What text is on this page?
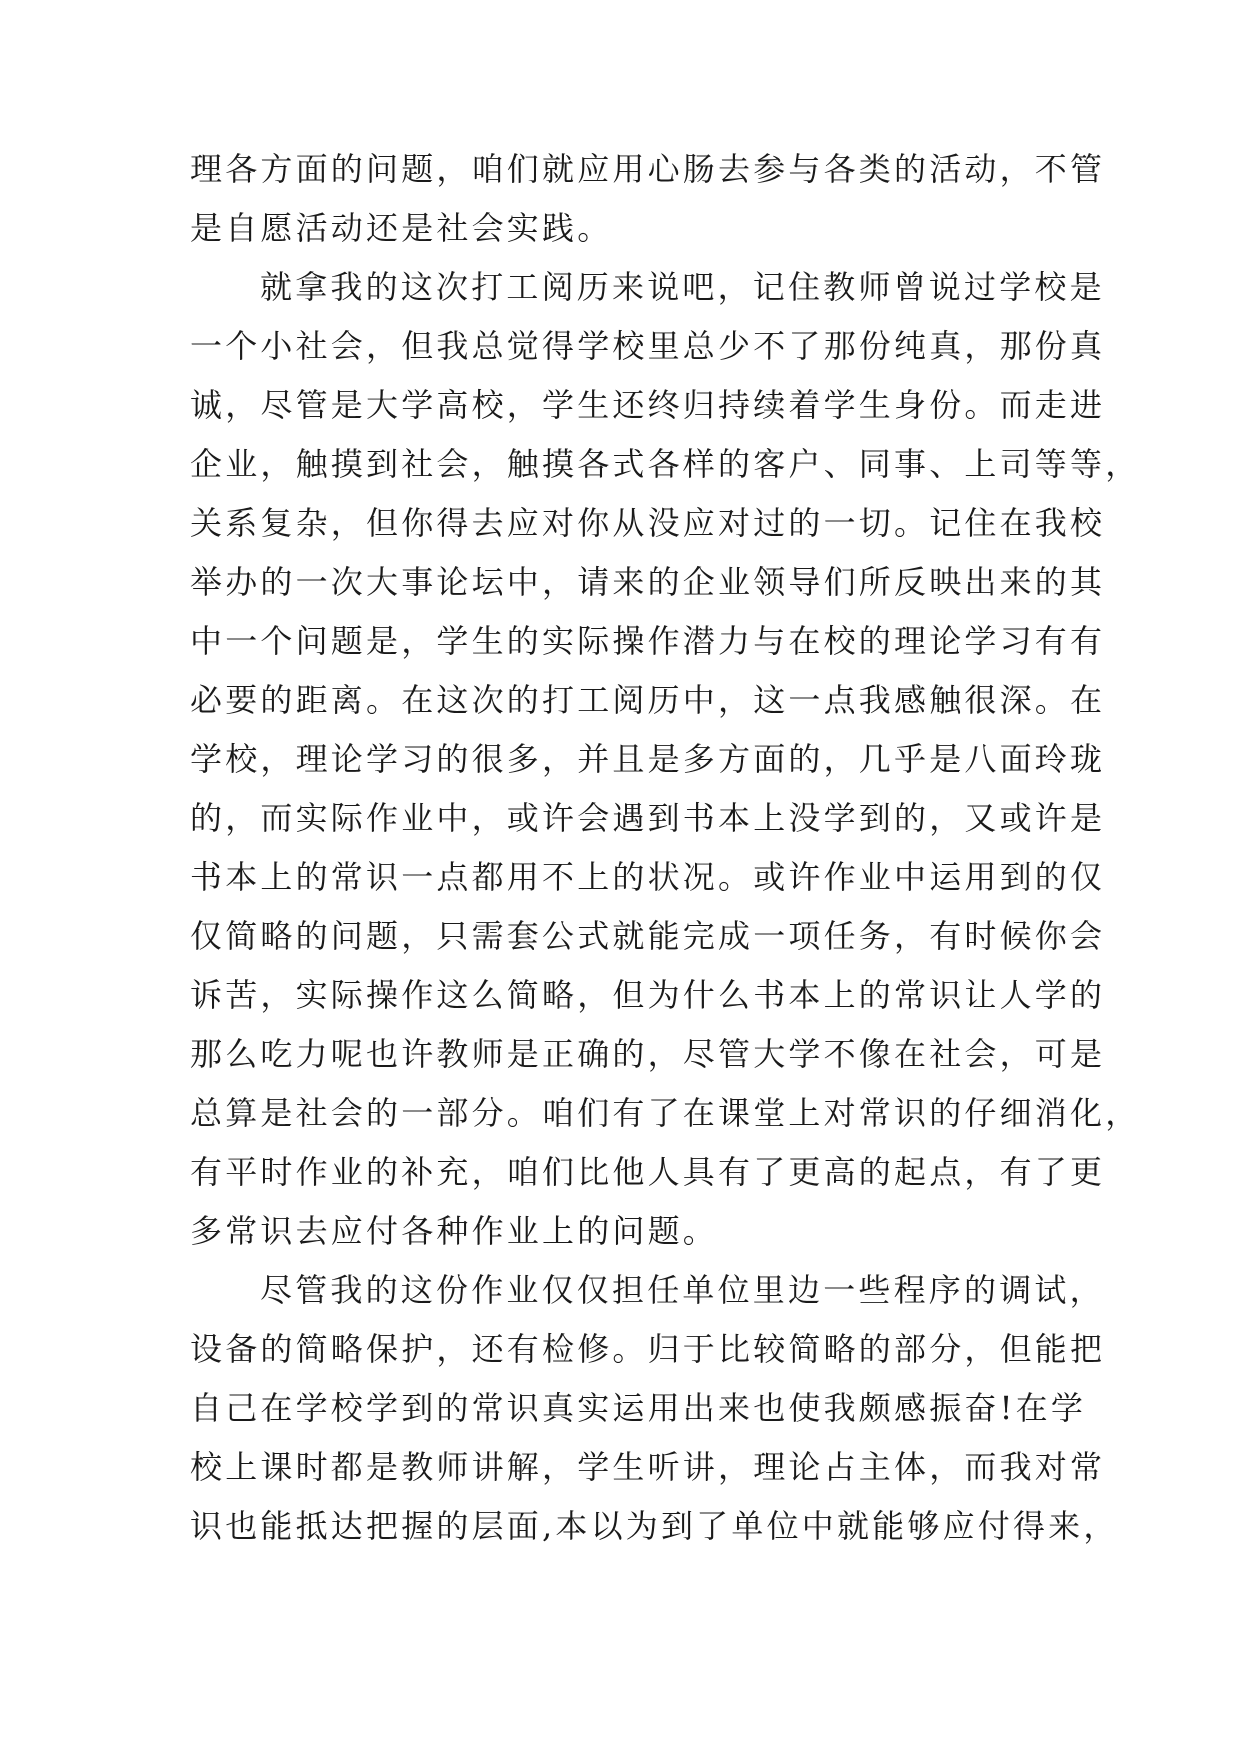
理各方面的问题，咱们就应用心肠去参与各类的活动，不管
是自愿活动还是社会实践。
就拿我的这次打工阅历来说吧，记住教师曾说过学校是
一个小社会，但我总觉得学校里总少不了那份纯真，那份真
诚，尽管是大学高校，学生还终归持续着学生身份。而走进
企业，触摸到社会，触摸各式各样的客户、同事、上司等等，
关系复杂，但你得去应对你从没应对过的一切。记住在我校
举办的一次大事论坛中，请来的企业领导们所反映出来的其
中一个问题是，学生的实际操作潜力与在校的理论学习有有
必要的距离。在这次的打工阅历中，这一点我感触很深。在
学校，理论学习的很多，并且是多方面的，几乎是八面玲珑
的，而实际作业中，或许会遇到书本上没学到的，又或许是
书本上的常识一点都用不上的状况。或许作业中运用到的仅
仅简略的问题，只需套公式就能完成一项任务，有时候你会
诉苦，实际操作这么简略，但为什么书本上的常识让人学的
那么吃力呢也许教师是正确的，尽管大学不像在社会，可是
总算是社会的一部分。咱们有了在课堂上对常识的仔细消化，
有平时作业的补充，咱们比他人具有了更高的起点，有了更
多常识去应付各种作业上的问题。
尽管我的这份作业仅仅担任单位里边一些程序的调试，
设备的简略保护，还有检修。归于比较简略的部分，但能把
自己在学校学到的常识真实运用出来也使我颇感振奋!在学
校上课时都是教师讲解，学生听讲，理论占主体，而我对常
识也能抵达把握的层面,本以为到了单位中就能够应付得来，
